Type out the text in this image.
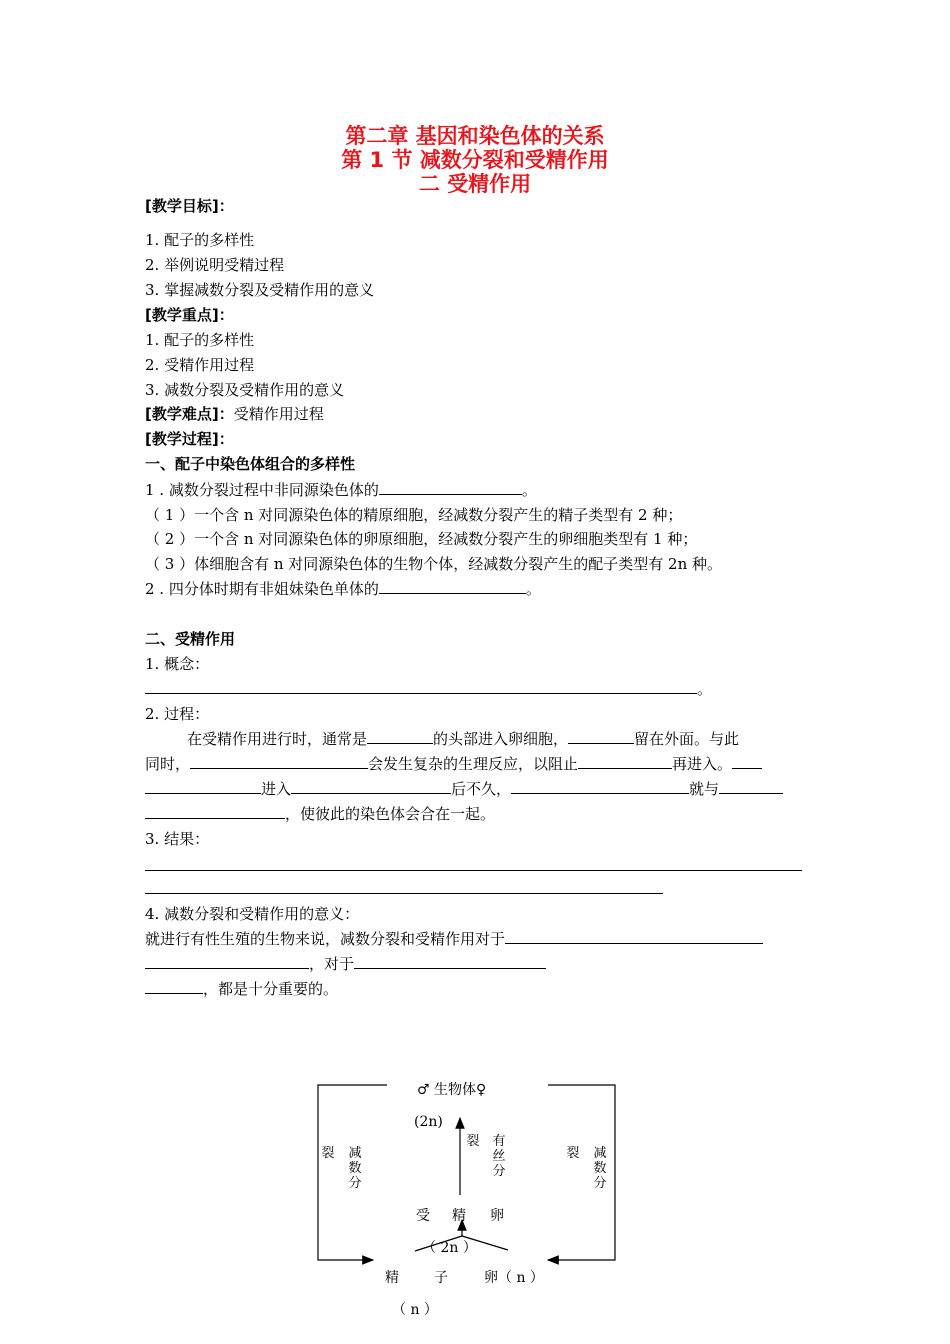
第二章 基因和染色体的关系
第 1 节 减数分裂和受精作用
二 受精作用
[教学目标]：
1. 配子的多样性
2. 举例说明受精过程
3. 掌握减数分裂及受精作用的意义
[教学重点]：
1. 配子的多样性
2. 受精作用过程
3. 减数分裂及受精作用的意义
[教学难点]：受精作用过程
[教学过程]：
一、配子中染色体组合的多样性
1 . 减数分裂过程中非同源染色体的	。
（ 1 ）一个含 n 对同源染色体的精原细胞，经减数分裂产生的精子类型有 2 种；
（ 2 ）一个含 n 对同源染色体的卵原细胞，经减数分裂产生的卵细胞类型有 1 种；
（ 3 ）体细胞含有 n 对同源染色体的生物个体，经减数分裂产生的配子类型有 2n 种。
2 . 四分体时期有非姐妹染色单体的	。
二、受精作用
1. 概念：
。
2. 过程：
在受精作用进行时，通常是	的头部进入卵细胞，	留在外面。与此
同时，	会发生复杂的生理反应，以阻止	再进入。
进入	后不久，	就与
，使彼此的染色体会合在一起。
3. 结果：
4. 减数分裂和受精作用的意义：
就进行有性生殖的生物来说，减数分裂和受精作用对于
，对于
，都是十分重要的。
♂ 生物体♀
(2n)
裂 减数分
裂 有丝分
裂 减数分
受 精 卵
（ 2n ）
精	子	卵（ n ）
（ n ）
